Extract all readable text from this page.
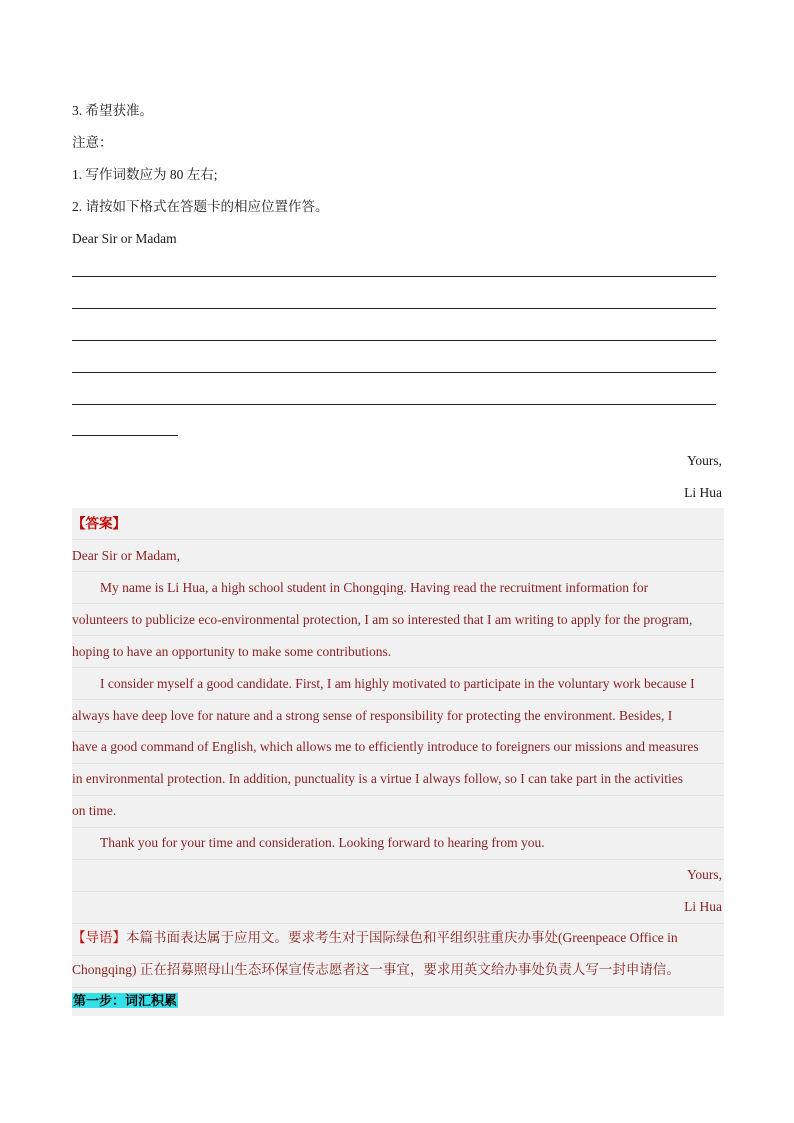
3. 希望获准。
注意：
1. 写作词数应为 80 左右;
2. 请按如下格式在答题卡的相应位置作答。
Dear Sir or Madam
Yours,
Li Hua
【答案】
Dear Sir or Madam,
My name is Li Hua, a high school student in Chongqing. Having read the recruitment information for
volunteers to publicize eco-environmental protection, I am so interested that I am writing to apply for the program,
hoping to have an opportunity to make some contributions.
I consider myself a good candidate. First, I am highly motivated to participate in the voluntary work because I
always have deep love for nature and a strong sense of responsibility for protecting the environment. Besides, I
have a good command of English, which allows me to efficiently introduce to foreigners our missions and measures
in environmental protection. In addition, punctuality is a virtue I always follow, so I can take part in the activities
on time.
Thank you for your time and consideration. Looking forward to hearing from you.
Yours,
Li Hua
【导语】本篇书面表达属于应用文。要求考生对于国际绿色和平组织驻重庆办事处(Greenpeace Office in
Chongqing) 正在招募照母山生态环保宣传志愿者这一事宜，要求用英文给办事处负责人写一封申请信。
第一步：词汇积累
